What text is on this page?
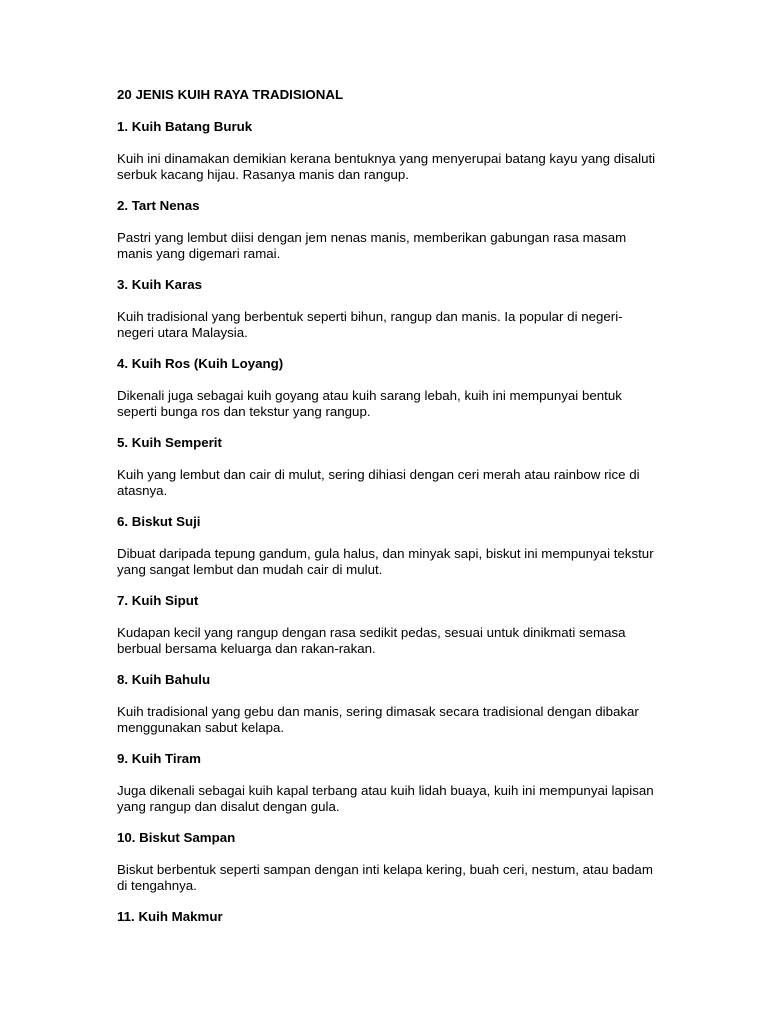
20 JENIS KUIH RAYA TRADISIONAL

1. Kuih Batang Buruk

Kuih ini dinamakan demikian kerana bentuknya yang menyerupai batang kayu yang disaluti serbuk kacang hijau. Rasanya manis dan rangup.

2. Tart Nenas

Pastri yang lembut diisi dengan jem nenas manis, memberikan gabungan rasa masam manis yang digemari ramai.

3. Kuih Karas

Kuih tradisional yang berbentuk seperti bihun, rangup dan manis. Ia popular di negeri-negeri utara Malaysia.

4. Kuih Ros (Kuih Loyang)

Dikenali juga sebagai kuih goyang atau kuih sarang lebah, kuih ini mempunyai bentuk seperti bunga ros dan tekstur yang rangup.

5. Kuih Semperit

Kuih yang lembut dan cair di mulut, sering dihiasi dengan ceri merah atau rainbow rice di atasnya.

6. Biskut Suji

Dibuat daripada tepung gandum, gula halus, dan minyak sapi, biskut ini mempunyai tekstur yang sangat lembut dan mudah cair di mulut.

7. Kuih Siput

Kudapan kecil yang rangup dengan rasa sedikit pedas, sesuai untuk dinikmati semasa berbual bersama keluarga dan rakan-rakan.

8. Kuih Bahulu

Kuih tradisional yang gebu dan manis, sering dimasak secara tradisional dengan dibakar menggunakan sabut kelapa.

9. Kuih Tiram

Juga dikenali sebagai kuih kapal terbang atau kuih lidah buaya, kuih ini mempunyai lapisan yang rangup dan disalut dengan gula.

10. Biskut Sampan

Biskut berbentuk seperti sampan dengan inti kelapa kering, buah ceri, nestum, atau badam di tengahnya.

11. Kuih Makmur
